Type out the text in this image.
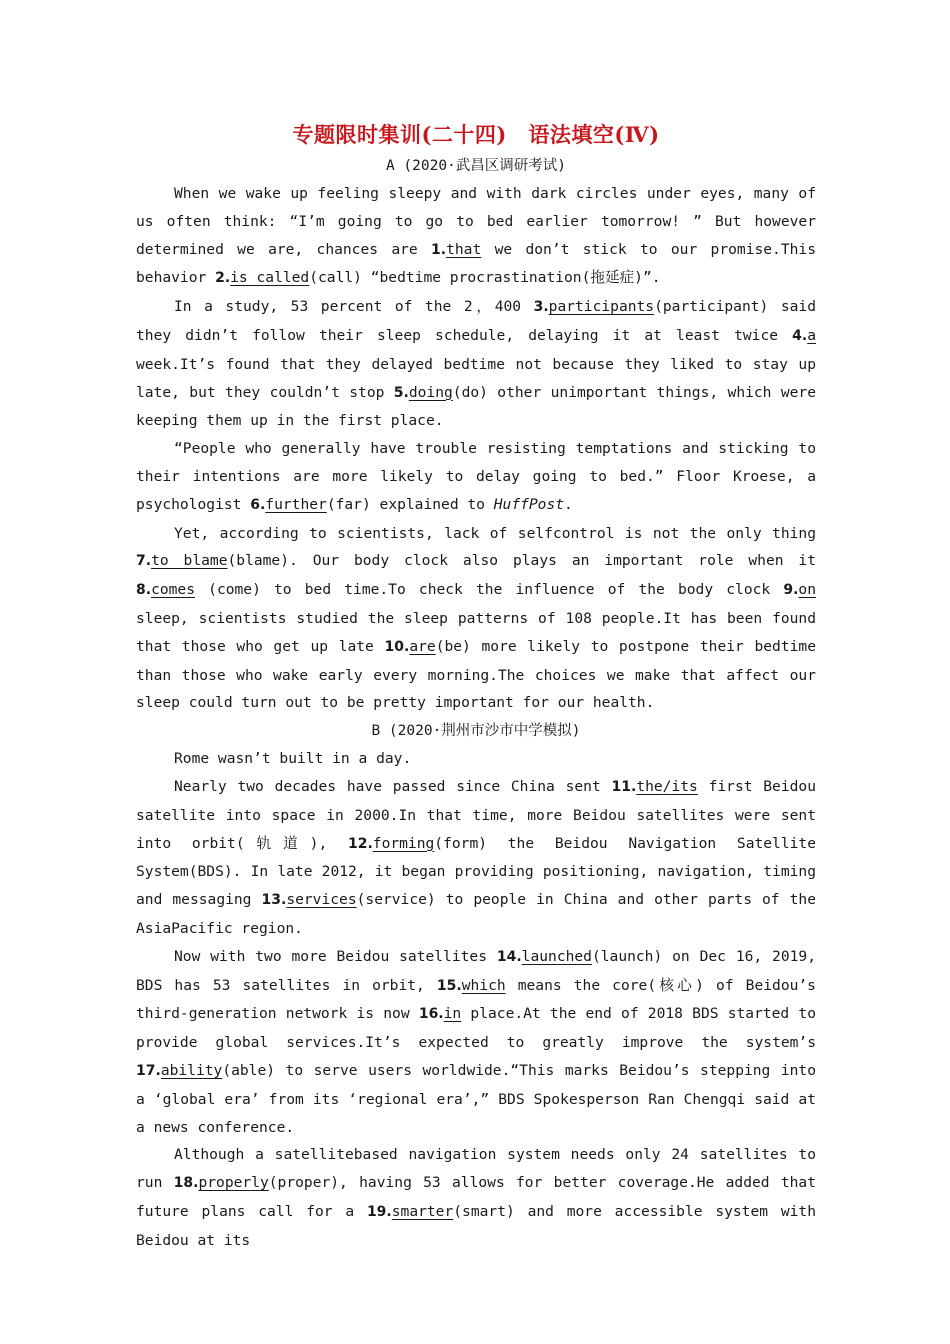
专题限时集训(二十四)　语法填空(Ⅳ)
A (2020·武昌区调研考试)

When we wake up feeling sleepy and with dark circles under eyes, many of us often think: “I’m going to go to bed earlier tomorrow! ” But however determined we are, chances are 1.that we don’t stick to our promise.This behavior 2.is called(call) “bedtime procrastination(拖延症)”.

In a study, 53 percent of the 2，400 3.participants(participant) said they didn’t follow their sleep schedule, delaying it at least twice 4.a week.It’s found that they delayed bedtime not because they liked to stay up late, but they couldn’t stop 5.doing(do) other unimportant things, which were keeping them up in the first place.

“People who generally have trouble resisting temptations and sticking to their intentions are more likely to delay going to bed.” Floor Kroese, a psychologist 6.further(far) explained to HuffPost.

Yet, according to scientists, lack of selfcontrol is not the only thing 7.to blame(blame). Our body clock also plays an important role when it 8.comes (come) to bed time.To check the influence of the body clock 9.on sleep, scientists studied the sleep patterns of 108 people.It has been found that those who get up late 10.are(be) more likely to postpone their bedtime than those who wake early every morning.The choices we make that affect our sleep could turn out to be pretty important for our health.

B (2020·荆州市沙市中学模拟)

Rome wasn’t built in a day.

Nearly two decades have passed since China sent 11.the/its first Beidou satellite into space in 2000.In that time, more Beidou satellites were sent into orbit(轨道), 12.forming(form) the Beidou Navigation Satellite System(BDS). In late 2012, it began providing positioning, navigation, timing and messaging 13.services(service) to people in China and other parts of the AsiaPacific region.

Now with two more Beidou satellites 14.launched(launch) on Dec 16, 2019, BDS has 53 satellites in orbit, 15.which means the core(核心) of Beidou’s third-generation network is now 16.in place.At the end of 2018 BDS started to provide global services.It’s expected to greatly improve the system’s 17.ability(able) to serve users worldwide.“This marks Beidou’s stepping into a ‘global era’ from its ‘regional era’,” BDS Spokesperson Ran Chengqi said at a news conference.

Although a satellitebased navigation system needs only 24 satellites to run 18.properly(proper), having 53 allows for better coverage.He added that future plans call for a 19.smarter(smart) and more accessible system with Beidou at its
